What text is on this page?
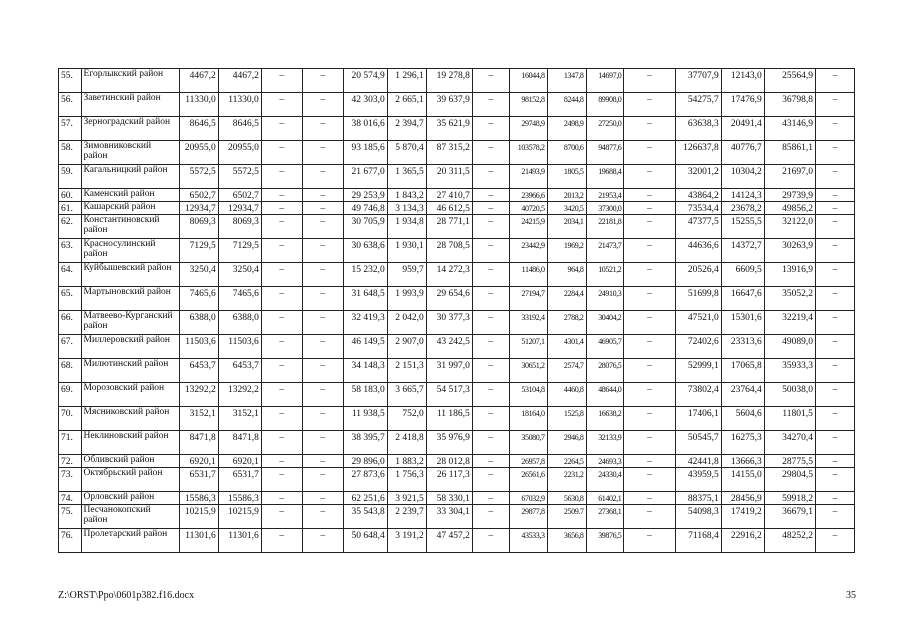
55.	Егорлыкский район	4467,2	4467,2	–	–	20 574,9	1 296,1	19 278,8	–	16044,8	1347,8	14697,0	–	37707,9	12143,0	25564,9	–
56.	Заветинский район	11330,0	11330,0	–	–	42 303,0	2 665,1	39 637,9	–	98152,8	8244,8	89908,0	–	54275,7	17476,9	36798,8	–
57.	Зерноградский район	8646,5	8646,5	–	–	38 016,6	2 394,7	35 621,9	–	29748,9	2498,9	27250,0	–	63638,3	20491,4	43146,9	–
58.	Зимовниковский район	20955,0	20955,0	–	–	93 185,6	5 870,4	87 315,2	–	103578,2	8700,6	94877,6	–	126637,8	40776,7	85861,1	–
59.	Кагальницкий район	5572,5	5572,5	–	–	21 677,0	1 365,5	20 311,5	–	21493,9	1805,5	19688,4	–	32001,2	10304,2	21697,0	–
60.	Каменский район	6502,7	6502,7	–	–	29 253,9	1 843,2	27 410,7	–	23966,6	2013,2	21953,4	–	43864,2	14124,3	29739,9	–
61.	Кашарский район	12934,7	12934,7	–	–	49 746,8	3 134,3	46 612,5	–	40720,5	3420,5	37300,0	–	73534,4	23678,2	49856,2	–
62.	Константиновский район	8069,3	8069,3	–	–	30 705,9	1 934,8	28 771,1	–	24215,9	2034,1	22181,8	–	47377,5	15255,5	32122,0	–
63.	Красносулинский район	7129,5	7129,5	–	–	30 638,6	1 930,1	28 708,5	–	23442,9	1969,2	21473,7	–	44636,6	14372,7	30263,9	–
64.	Куйбышевский район	3250,4	3250,4	–	–	15 232,0	959,7	14 272,3	–	11486,0	964,8	10521,2	–	20526,4	6609,5	13916,9	–
65.	Мартыновский район	7465,6	7465,6	–	–	31 648,5	1 993,9	29 654,6	–	27194,7	2284,4	24910,3	–	51699,8	16647,6	35052,2	–
66.	Матвеево-Курганский район	6388,0	6388,0	–	–	32 419,3	2 042,0	30 377,3	–	33192,4	2788,2	30404,2	–	47521,0	15301,6	32219,4	–
67.	Миллеровский район	11503,6	11503,6	–	–	46 149,5	2 907,0	43 242,5	–	51207,1	4301,4	46905,7	–	72402,6	23313,6	49089,0	–
68.	Милютинский район	6453,7	6453,7	–	–	34 148,3	2 151,3	31 997,0	–	30651,2	2574,7	28076,5	–	52999,1	17065,8	35933,3	–
69.	Морозовский район	13292,2	13292,2	–	–	58 183,0	3 665,7	54 517,3	–	53104,8	4460,8	48644,0	–	73802,4	23764,4	50038,0	–
70.	Мясниковский район	3152,1	3152,1	–	–	11 938,5	752,0	11 186,5	–	18164,0	1525,8	16638,2	–	17406,1	5604,6	11801,5	–
71.	Неклиновский район	8471,8	8471,8	–	–	38 395,7	2 418,8	35 976,9	–	35080,7	2946,8	32133,9	–	50545,7	16275,3	34270,4	–
72.	Обливский район	6920,1	6920,1	–	–	29 896,0	1 883,2	28 012,8	–	26957,8	2264,5	24693,3	–	42441,8	13666,3	28775,5	–
73.	Октябрьский район	6531,7	6531,7	–	–	27 873,6	1 756,3	26 117,3	–	26561,6	2231,2	24330,4	–	43959,5	14155,0	29804,5	–
74.	Орловский район	15586,3	15586,3	–	–	62 251,6	3 921,5	58 330,1	–	67032,9	5630,8	61402,1	–	88375,1	28456,9	59918,2	–
75.	Песчанокопский район	10215,9	10215,9	–	–	35 543,8	2 239,7	33 304,1	–	29877,8	2509.7	27368,1	–	54098,3	17419,2	36679,1	–
76.	Пролетарский район	11301,6	11301,6	–	–	50 648,4	3 191,2	47 457,2	–	43533,3	3656,8	39876,5	–	71168,4	22916,2	48252,2	–
Z:\ORST\Ppo\0601p382.f16.docx	35
